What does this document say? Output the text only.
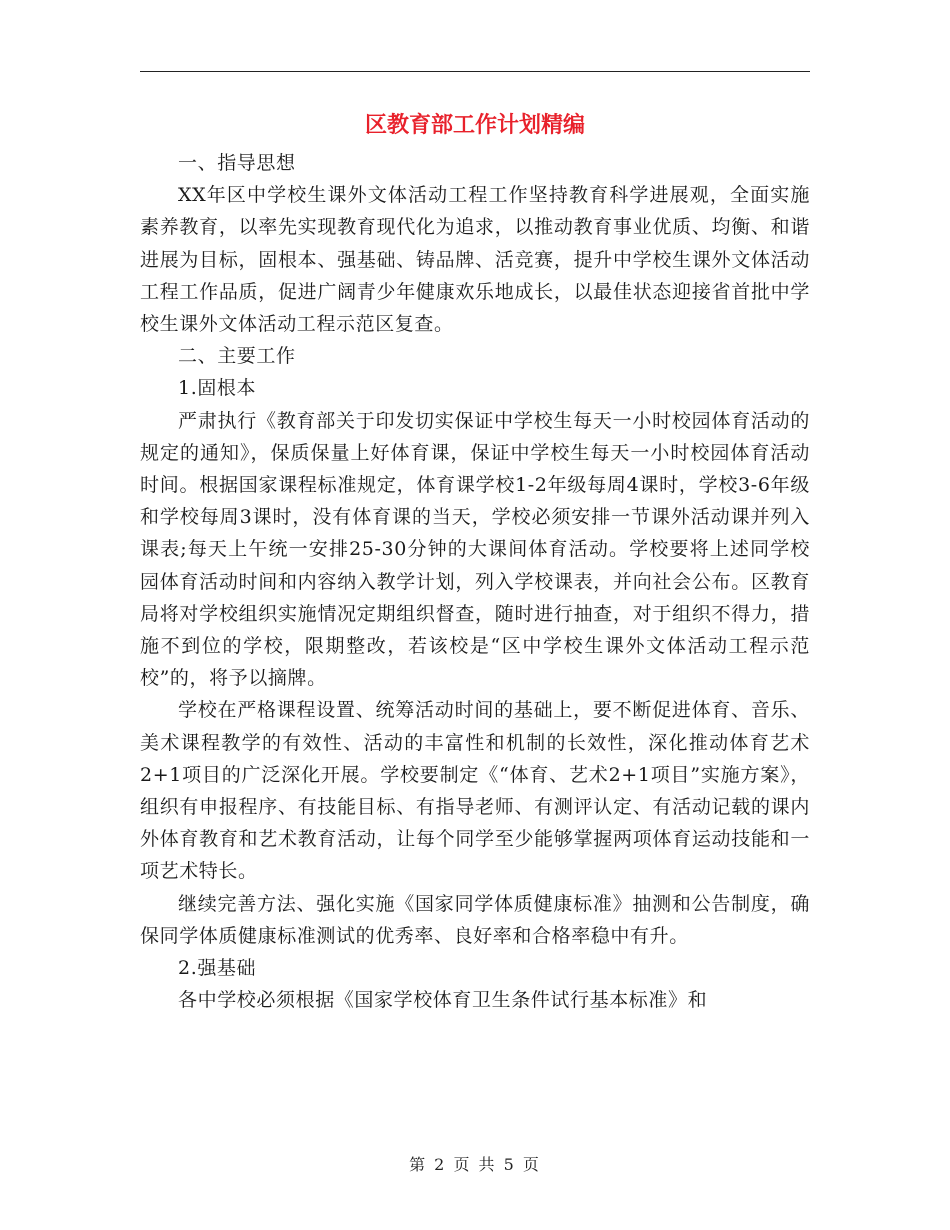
区教育部工作计划精编

一、指导思想

XX年区中学校生课外文体活动工程工作坚持教育科学进展观，全面实施素养教育，以率先实现教育现代化为追求，以推动教育事业优质、均衡、和谐进展为目标，固根本、强基础、铸品牌、活竞赛，提升中学校生课外文体活动工程工作品质，促进广阔青少年健康欢乐地成长，以最佳状态迎接省首批中学校生课外文体活动工程示范区复查。

二、主要工作

1.固根本

严肃执行《教育部关于印发切实保证中学校生每天一小时校园体育活动的规定的通知》，保质保量上好体育课，保证中学校生每天一小时校园体育活动时间。根据国家课程标准规定，体育课学校1-2年级每周4课时，学校3-6年级和学校每周3课时，没有体育课的当天，学校必须安排一节课外活动课并列入课表;每天上午统一安排25-30分钟的大课间体育活动。学校要将上述同学校园体育活动时间和内容纳入教学计划，列入学校课表，并向社会公布。区教育局将对学校组织实施情况定期组织督查，随时进行抽查，对于组织不得力，措施不到位的学校，限期整改，若该校是“区中学校生课外文体活动工程示范校”的，将予以摘牌。

学校在严格课程设置、统筹活动时间的基础上，要不断促进体育、音乐、美术课程教学的有效性、活动的丰富性和机制的长效性，深化推动体育艺术2+1项目的广泛深化开展。学校要制定《“体育、艺术2+1项目”实施方案》，组织有申报程序、有技能目标、有指导老师、有测评认定、有活动记载的课内外体育教育和艺术教育活动，让每个同学至少能够掌握两项体育运动技能和一项艺术特长。

继续完善方法、强化实施《国家同学体质健康标准》抽测和公告制度，确保同学体质健康标准测试的优秀率、良好率和合格率稳中有升。

2.强基础

各中学校必须根据《国家学校体育卫生条件试行基本标准》和

第 2 页 共 5 页
